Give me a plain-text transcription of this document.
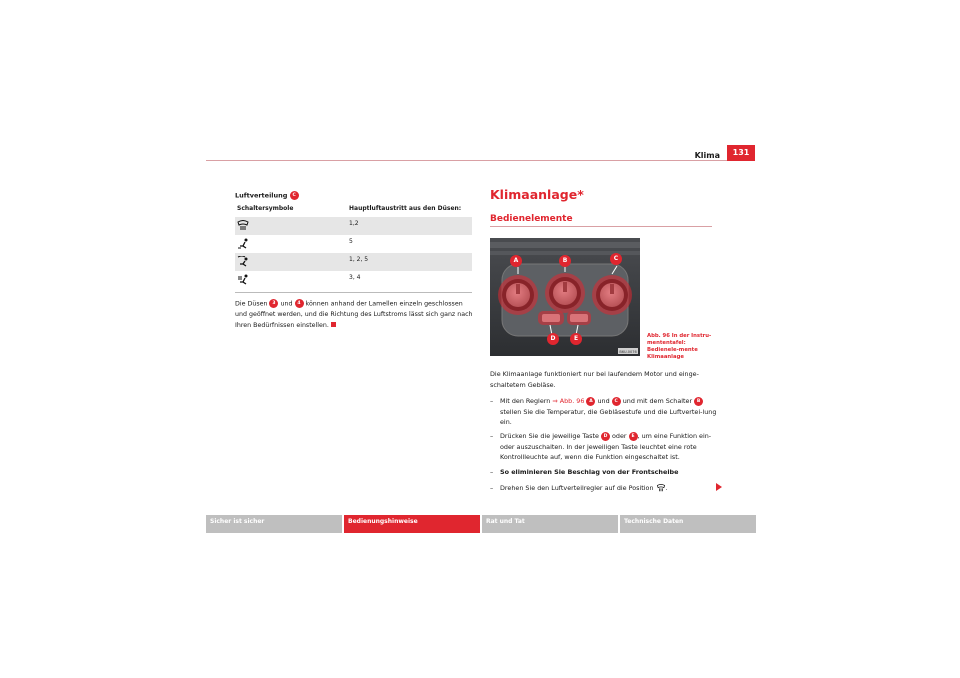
Klima	131
Luftverteilung C
Schaltersymbole	Hauptluftaustritt aus den Düsen:
1,2
5
1, 2, 5
3, 4
Die Düsen 3 und 4 können anhand der Lamellen einzeln geschlossen und geöffnet werden, und die Richtung des Luftstroms lässt sich ganz nach Ihren Bedürfnissen einstellen.
Klimaanlage*
Bedienelemente
B6U-0076
A	B	C
D	E	Abb. 96 In der Instru-mententafel: Bedienele-mente Klimaanlage
Die Klimaanlage funktioniert nur bei laufendem Motor und einge-schaltetem Gebläse.
–	Mit den Reglern ⇒ Abb. 96 A und C und mit dem Schalter B stellen Sie die Temperatur, die Gebläsestufe und die Luftvertei-lung ein.
–	Drücken Sie die jeweilige Taste D oder E , um eine Funktion ein- oder auszuschalten. In der jeweiligen Taste leuchtet eine rote Kontrollleuchte auf, wenn die Funktion eingeschaltet ist.
–	So eliminieren Sie Beschlag von der Frontscheibe
–	Drehen Sie den Luftverteilregler auf die Position .
Sicher ist sicher	Bedienungshinweise	Rat und Tat	Technische Daten
